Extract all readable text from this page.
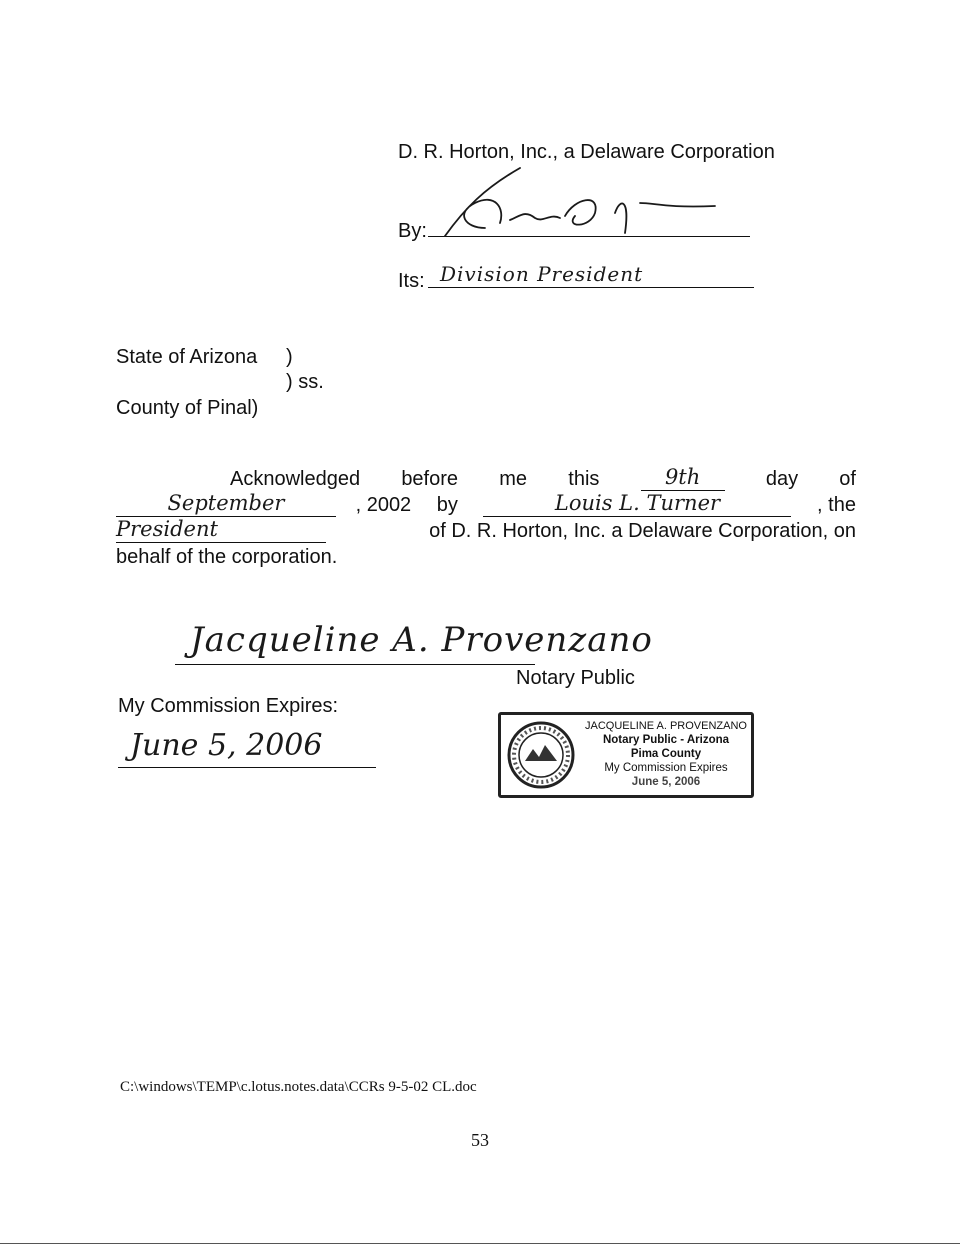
D. R. Horton, Inc., a Delaware Corporation
By:
Its: Division President
State of Arizona )
) ss.
County of Pinal)
Acknowledged before me this	9th	day of
September	, 2002 by	Louis L. Turner	, the
President	of D. R. Horton, Inc. a Delaware Corporation, on
behalf of the corporation.
Jacqueline A. Provenzano
Notary Public
My Commission Expires:
June 5, 2006
JACQUELINE A. PROVENZANO
Notary Public - Arizona
Pima County
My Commission Expires
June 5, 2006
C:\windows\TEMP\c.lotus.notes.data\CCRs 9-5-02 CL.doc
53
